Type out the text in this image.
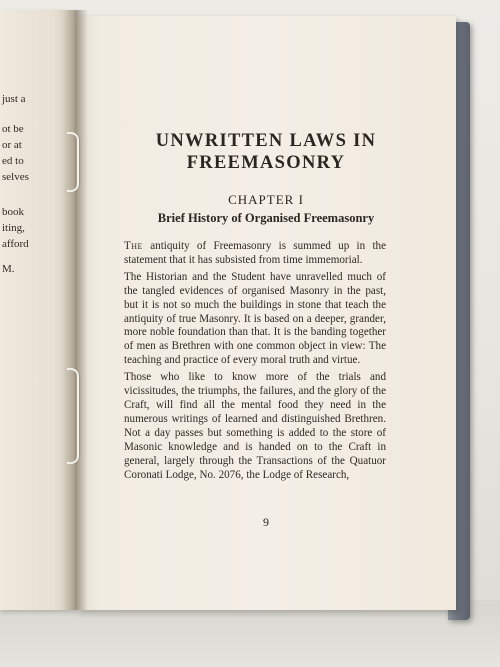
just a
ot be
or at
ed to
selves
book
iting,
afford
M.
UNWRITTEN LAWS IN
FREEMASONRY
CHAPTER I
Brief History of Organised Freemasonry

The antiquity of Freemasonry is summed up in the statement that it has subsisted from time immemorial.

The Historian and the Student have unravelled much of the tangled evidences of organised Masonry in the past, but it is not so much the buildings in stone that teach the antiquity of true Masonry. It is based on a deeper, grander, more noble foundation than that. It is the banding together of men as Brethren with one common object in view: The teaching and practice of every moral truth and virtue.

Those who like to know more of the trials and vicissitudes, the triumphs, the failures, and the glory of the Craft, will find all the mental food they need in the numerous writings of learned and distinguished Brethren. Not a day passes but something is added to the store of Masonic knowledge and is handed on to the Craft in general, largely through the Transactions of the Quatuor Coronati Lodge, No. 2076, the Lodge of Research,

9
